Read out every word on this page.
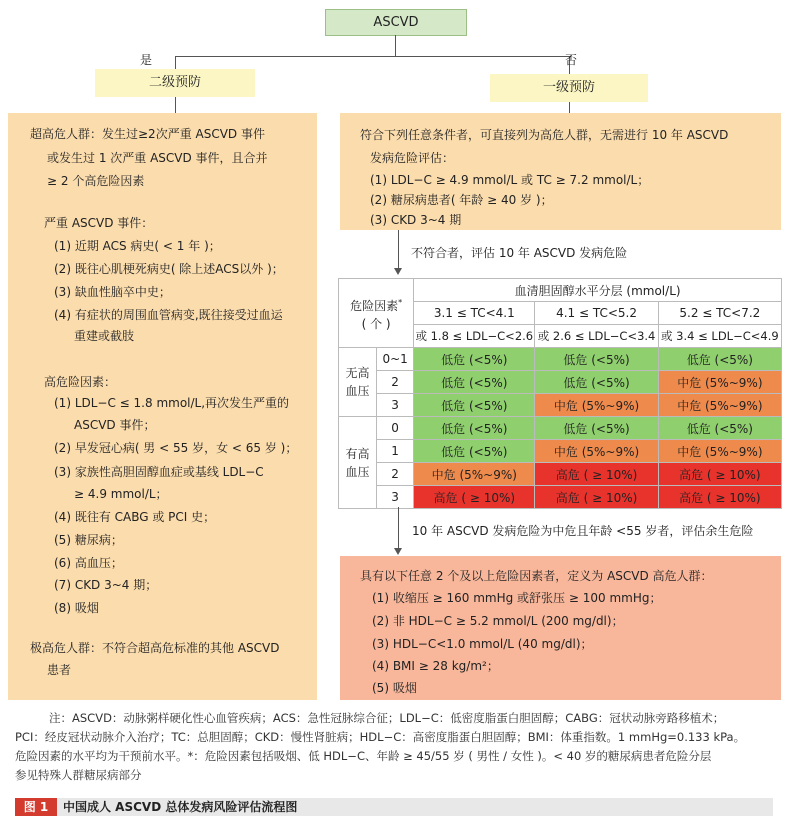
ASCVD
是	否
二级预防	一级预防
超高危人群：发生过≥2次严重 ASCVD 事件
或发生过 1 次严重 ASCVD 事件，且合并
≥ 2 个高危险因素
严重 ASCVD 事件：
(1) 近期 ACS 病史( < 1 年 )；
(2) 既往心肌梗死病史( 除上述ACS以外 )；
(3) 缺血性脑卒中史；
(4) 有症状的周围血管病变,既往接受过血运
重建或截肢
高危险因素：
(1) LDL−C ≤ 1.8 mmol/L,再次发生严重的
ASCVD 事件；
(2) 早发冠心病( 男 < 55 岁，女 < 65 岁 )；
(3) 家族性高胆固醇血症或基线 LDL−C
≥ 4.9 mmol/L；
(4) 既往有 CABG 或 PCI 史；
(5) 糖尿病；
(6) 高血压；
(7) CKD 3~4 期；
(8) 吸烟
极高危人群：不符合超高危标准的其他 ASCVD
患者
符合下列任意条件者，可直接列为高危人群，无需进行 10 年 ASCVD
发病危险评估：
(1) LDL−C ≥ 4.9 mmol/L 或 TC ≥ 7.2 mmol/L；
(2) 糖尿病患者( 年龄 ≥ 40 岁 )；
(3) CKD 3~4 期
不符合者，评估 10 年 ASCVD 发病危险
危险因素*
( 个 )		血清胆固醇水平分层 (mmol/L)		
		3.1 ≤ TC<4.1	4.1 ≤ TC<5.2	5.2 ≤ TC<7.2
		或 1.8 ≤ LDL−C<2.6	或 2.6 ≤ LDL−C<3.4	或 3.4 ≤ LDL−C<4.9
无高
血压	0~1	低危 (<5%)	低危 (<5%)	低危 (<5%)
	2	低危 (<5%)	低危 (<5%)	中危 (5%~9%)
	3	低危 (<5%)	中危 (5%~9%)	中危 (5%~9%)
有高
血压	0	低危 (<5%)	低危 (<5%)	低危 (<5%)
	1	低危 (<5%)	中危 (5%~9%)	中危 (5%~9%)
	2	中危 (5%~9%)	高危 ( ≥ 10%)	高危 ( ≥ 10%)
	3	高危 ( ≥ 10%)	高危 ( ≥ 10%)	高危 ( ≥ 10%)
10 年 ASCVD 发病危险为中危且年龄 <55 岁者，评估余生危险
具有以下任意 2 个及以上危险因素者，定义为 ASCVD 高危人群：
(1) 收缩压 ≥ 160 mmHg 或舒张压 ≥ 100 mmHg；
(2) 非 HDL−C ≥ 5.2 mmol/L (200 mg/dl)；
(3) HDL−C<1.0 mmol/L (40 mg/dl)；
(4) BMI ≥ 28 kg/m²；
(5) 吸烟
注：ASCVD：动脉粥样硬化性心血管疾病；ACS：急性冠脉综合征；LDL−C：低密度脂蛋白胆固醇；CABG：冠状动脉旁路移植术；
PCI：经皮冠状动脉介入治疗；TC：总胆固醇；CKD：慢性肾脏病；HDL−C：高密度脂蛋白胆固醇；BMI：体重指数。1 mmHg=0.133 kPa。
危险因素的水平均为干预前水平。*：危险因素包括吸烟、低 HDL−C、年龄 ≥ 45/55 岁 ( 男性 / 女性 )。< 40 岁的糖尿病患者危险分层
参见特殊人群糖尿病部分
图 1	中国成人 ASCVD 总体发病风险评估流程图
